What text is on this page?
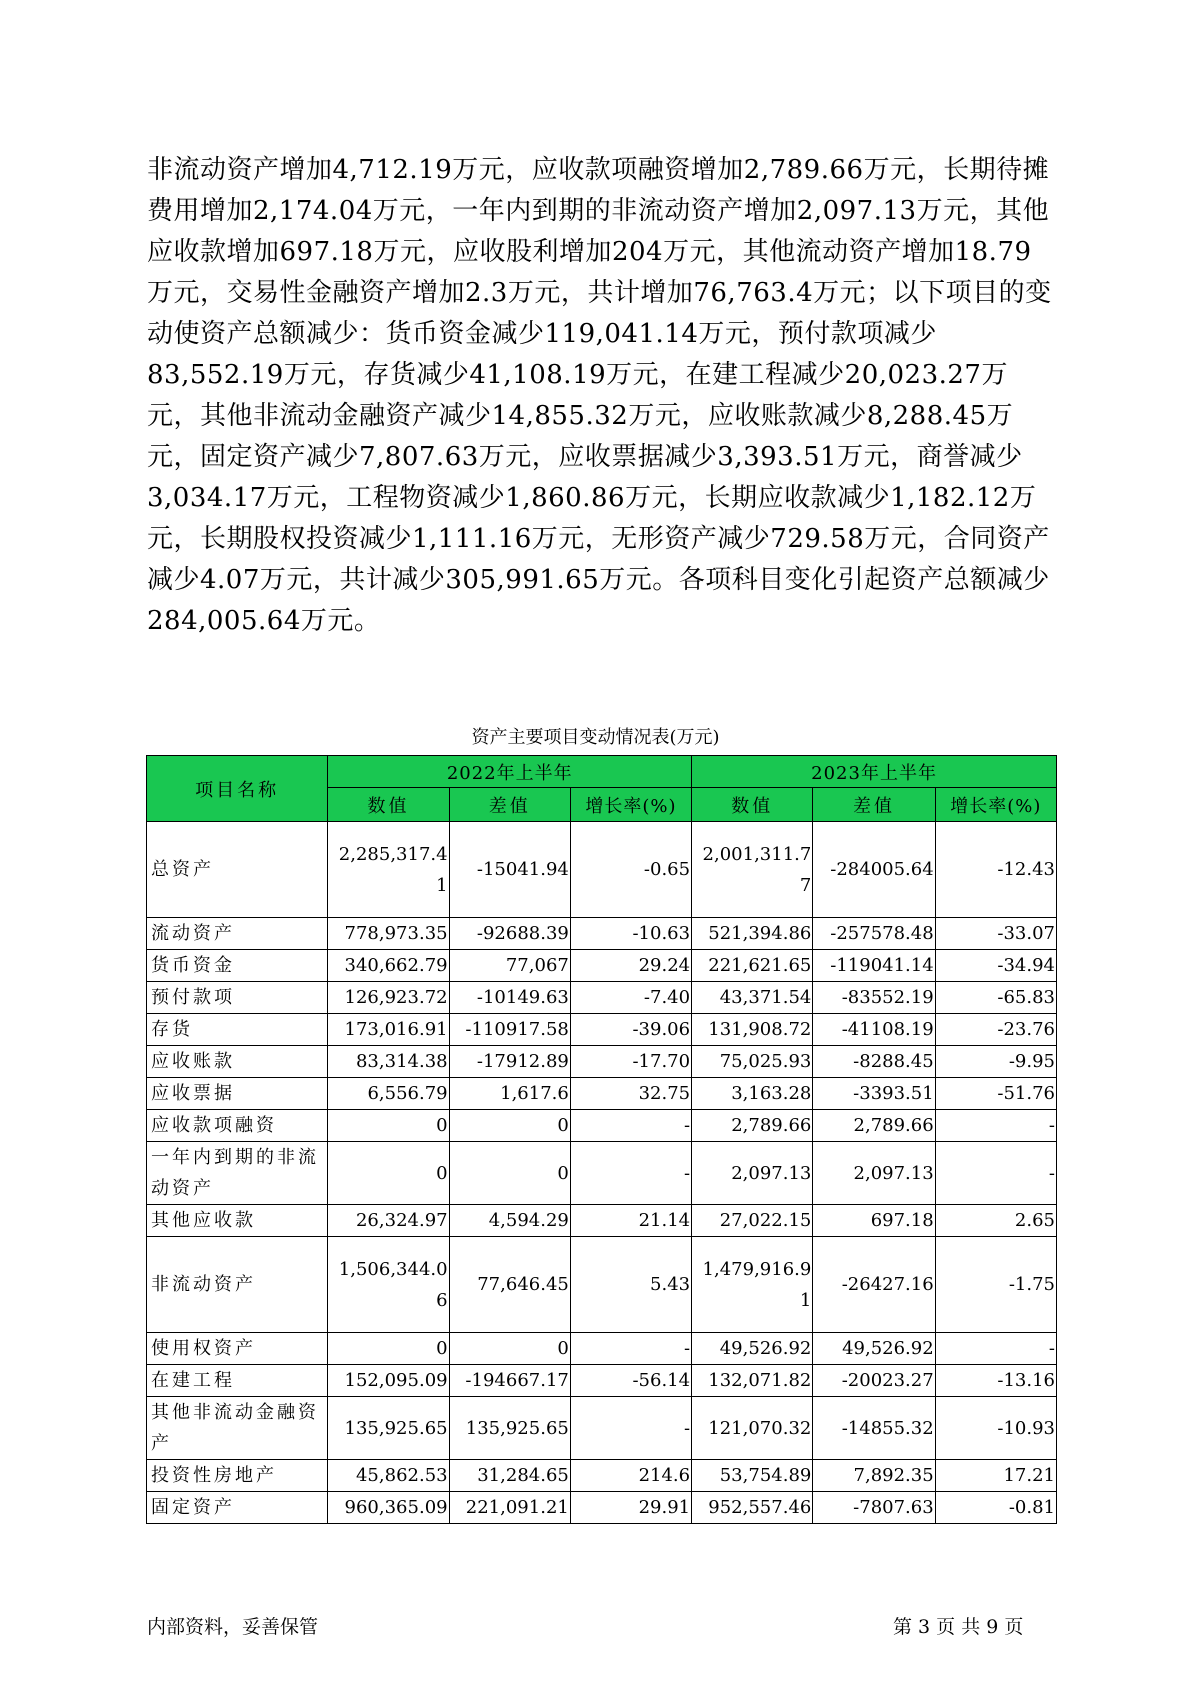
非流动资产增加4,712.19万元，应收款项融资增加2,789.66万元，长期待摊费用增加2,174.04万元，一年内到期的非流动资产增加2,097.13万元，其他应收款增加697.18万元，应收股利增加204万元，其他流动资产增加18.79万元，交易性金融资产增加2.3万元，共计增加76,763.4万元；以下项目的变动使资产总额减少：货币资金减少119,041.14万元，预付款项减少83,552.19万元，存货减少41,108.19万元，在建工程减少20,023.27万元，其他非流动金融资产减少14,855.32万元，应收账款减少8,288.45万元，固定资产减少7,807.63万元，应收票据减少3,393.51万元，商誉减少3,034.17万元，工程物资减少1,860.86万元，长期应收款减少1,182.12万元，长期股权投资减少1,111.16万元，无形资产减少729.58万元，合同资产减少4.07万元，共计减少305,991.65万元。各项科目变化引起资产总额减少284,005.64万元。

资产主要项目变动情况表(万元)
项目名称	2022年上半年			2023年上半年		
	数值	差值	增长率(%)	数值	差值	增长率(%)
总资产	2,285,317.41	-15041.94	-0.65	2,001,311.77	-284005.64	-12.43
流动资产	778,973.35	-92688.39	-10.63	521,394.86	-257578.48	-33.07
货币资金	340,662.79	77,067	29.24	221,621.65	-119041.14	-34.94
预付款项	126,923.72	-10149.63	-7.40	43,371.54	-83552.19	-65.83
存货	173,016.91	-110917.58	-39.06	131,908.72	-41108.19	-23.76
应收账款	83,314.38	-17912.89	-17.70	75,025.93	-8288.45	-9.95
应收票据	6,556.79	1,617.6	32.75	3,163.28	-3393.51	-51.76
应收款项融资	0	0	-	2,789.66	2,789.66	-
一年内到期的非流动资产	0	0	-	2,097.13	2,097.13	-
其他应收款	26,324.97	4,594.29	21.14	27,022.15	697.18	2.65
非流动资产	1,506,344.06	77,646.45	5.43	1,479,916.91	-26427.16	-1.75
使用权资产	0	0	-	49,526.92	49,526.92	-
在建工程	152,095.09	-194667.17	-56.14	132,071.82	-20023.27	-13.16
其他非流动金融资产	135,925.65	135,925.65	-	121,070.32	-14855.32	-10.93
投资性房地产	45,862.53	31,284.65	214.6	53,754.89	7,892.35	17.21
固定资产	960,365.09	221,091.21	29.91	952,557.46	-7807.63	-0.81
内部资料，妥善保管	第 3 页 共 9 页
